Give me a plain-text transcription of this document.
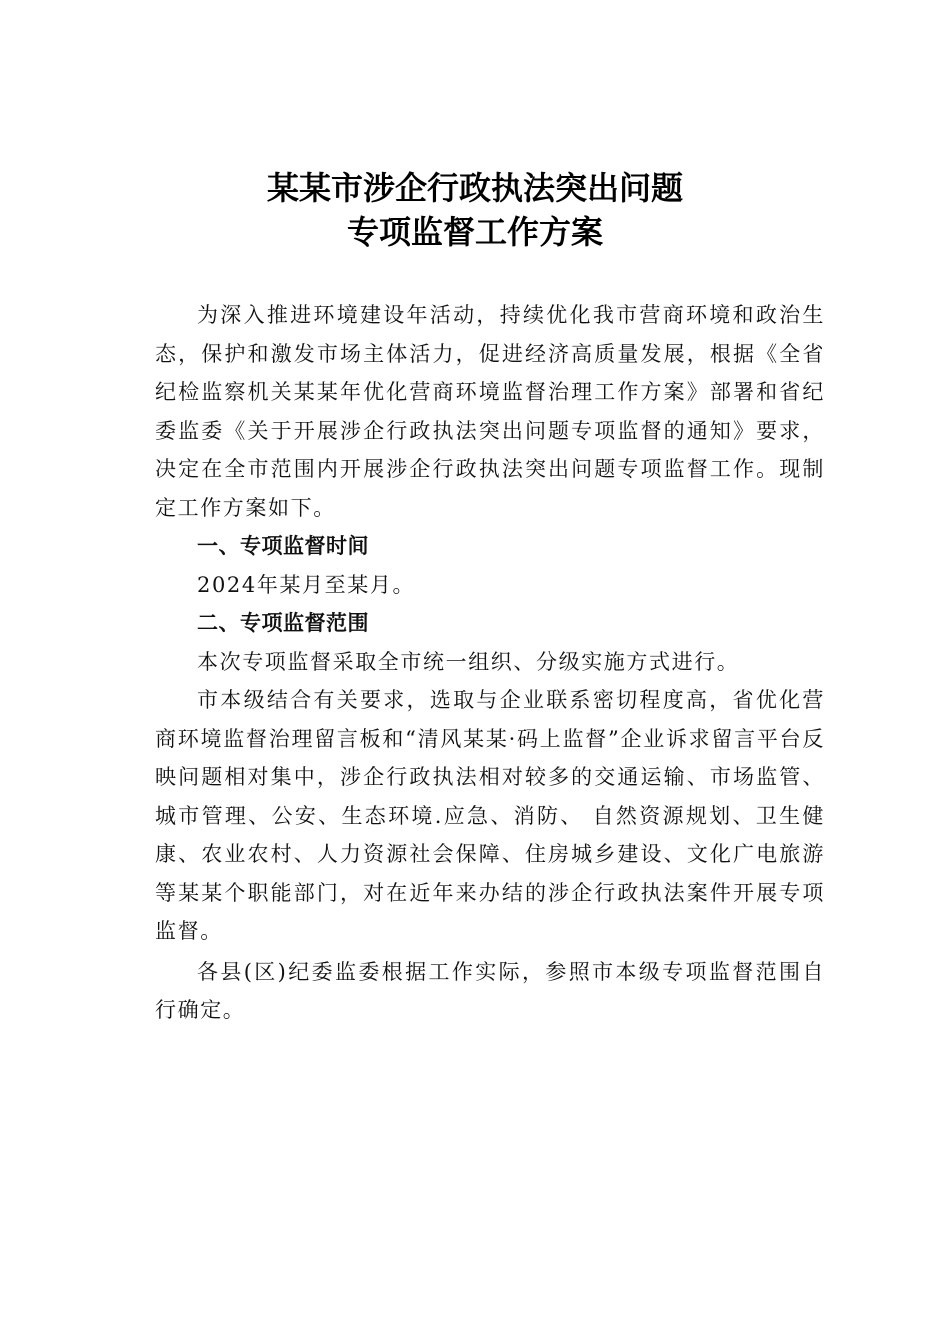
某某市涉企行政执法突出问题
专项监督工作方案

为深入推进环境建设年活动，持续优化我市营商环境和政治生态，保护和激发市场主体活力，促进经济高质量发展，根据《全省纪检监察机关某某年优化营商环境监督治理工作方案》部署和省纪委监委《关于开展涉企行政执法突出问题专项监督的通知》要求，决定在全市范围内开展涉企行政执法突出问题专项监督工作。现制定工作方案如下。

一、专项监督时间

2024年某月至某月。

二、专项监督范围

本次专项监督采取全市统一组织、分级实施方式进行。

市本级结合有关要求，选取与企业联系密切程度高，省优化营商环境监督治理留言板和“清风某某·码上监督”企业诉求留言平台反映问题相对集中，涉企行政执法相对较多的交通运输、市场监管、城市管理、公安、生态环境.应急、消防、 自然资源规划、卫生健康、农业农村、人力资源社会保障、住房城乡建设、文化广电旅游等某某个职能部门，对在近年来办结的涉企行政执法案件开展专项监督。

各县(区)纪委监委根据工作实际，参照市本级专项监督范围自行确定。
